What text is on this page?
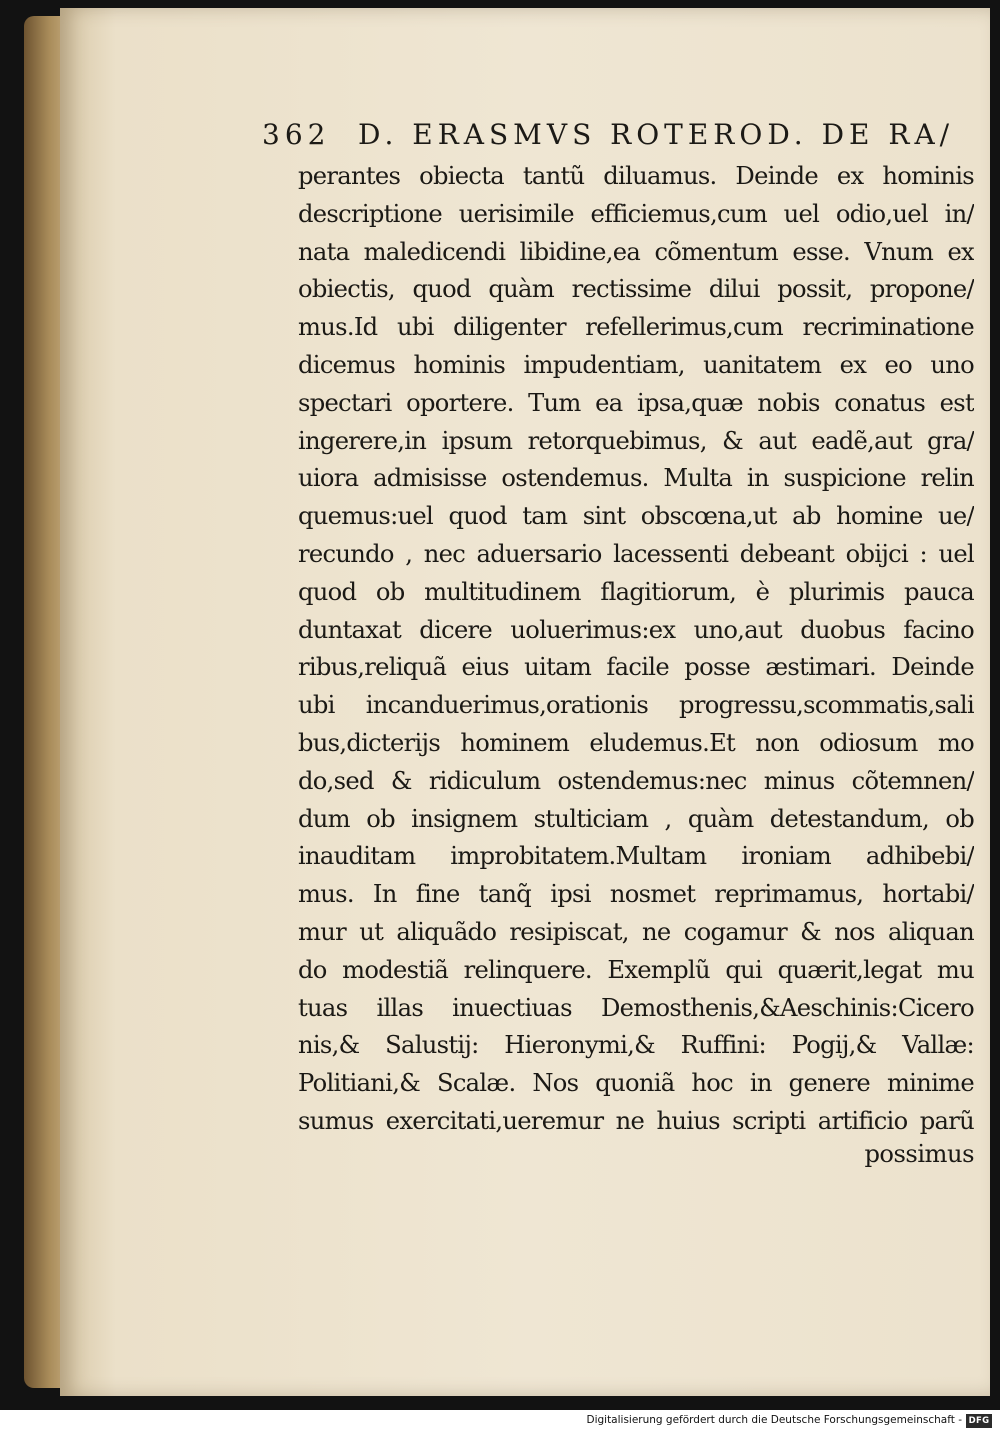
362 D. ERASMVS ROTEROD. DE RA/
perantes obiecta tantũ diluamus. Deinde ex hominis
descriptione uerisimile efficiemus,cum uel odio,uel in/
nata maledicendi libidine,ea cõmentum esse. Vnum ex
obiectis, quod quàm rectissime dilui possit, propone/
mus.Id ubi diligenter refellerimus,cum recriminatione
dicemus hominis impudentiam, uanitatem ex eo uno
spectari oportere. Tum ea ipsa,quæ nobis conatus est
ingerere,in ipsum retorquebimus, & aut eadẽ,aut gra/
uiora admisisse ostendemus. Multa in suspicione relin
quemus:uel quod tam sint obscœna,ut ab homine ue/
recundo , nec aduersario lacessenti debeant obijci : uel
quod ob multitudinem flagitiorum, è plurimis pauca
duntaxat dicere uoluerimus:ex uno,aut duobus facino
ribus,reliquã eius uitam facile posse æstimari. Deinde
ubi incanduerimus,orationis progressu,scommatis,sali
bus,dicterijs hominem eludemus.Et non odiosum mo
do,sed & ridiculum ostendemus:nec minus cõtemnen/
dum ob insignem stulticiam , quàm detestandum, ob
inauditam improbitatem.Multam ironiam adhibebi/
mus. In fine tanq̃ ipsi nosmet reprimamus, hortabi/
mur ut aliquãdo resipiscat, ne cogamur & nos aliquan
do modestiã relinquere. Exemplũ qui quærit,legat mu
tuas illas inuectiuas Demosthenis,&Aeschinis:Cicero
nis,& Salustij: Hieronymi,& Ruffini: Pogij,& Vallæ:
Politiani,& Scalæ. Nos quoniã hoc in genere minime
sumus exercitati,ueremur ne huius scripti artificio parũ
possimus
Digitalisierung gefördert durch die Deutsche Forschungsgemeinschaft - DFG
